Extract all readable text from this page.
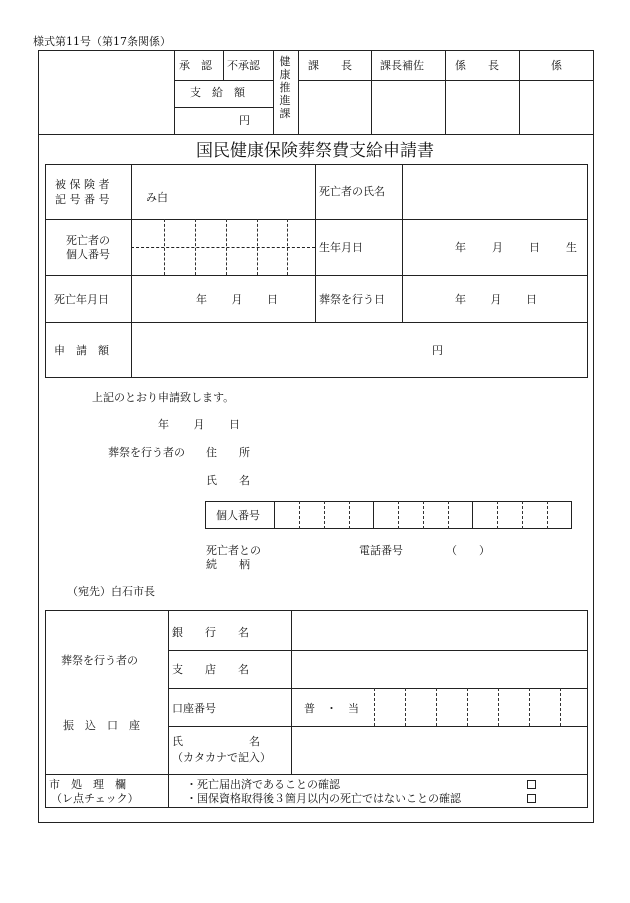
様式第11号（第17条関係）
承　認 不承認
支　給　額
円
健
康
推
進
課
課　　長	課長補佐	係　　長	係
国民健康保険葬祭費支給申請書
被 保 険 者
記 号 番 号	み白	死亡者の氏名
死亡者の
個人番号
生年月日	年 月 日 生
死亡年月日	年 月 日	葬祭を行う日	年 月 日
申　請　額	円
上記のとおり申請致します。
年 月 日
葬祭を行う者の 住　　所
氏　　名
個人番号
死亡者との
続　　柄
電話番号	（　　）
（宛先）白石市長
葬祭を行う者の
振　込　口　座
銀　　行　　名
支　　店　　名
口座番号	普　・　当
氏　　　　　　名
（カタカナで記入）
市　処　理　欄
（レ点チェック）
・死亡届出済であることの確認
・国保資格取得後３箇月以内の死亡ではないことの確認
